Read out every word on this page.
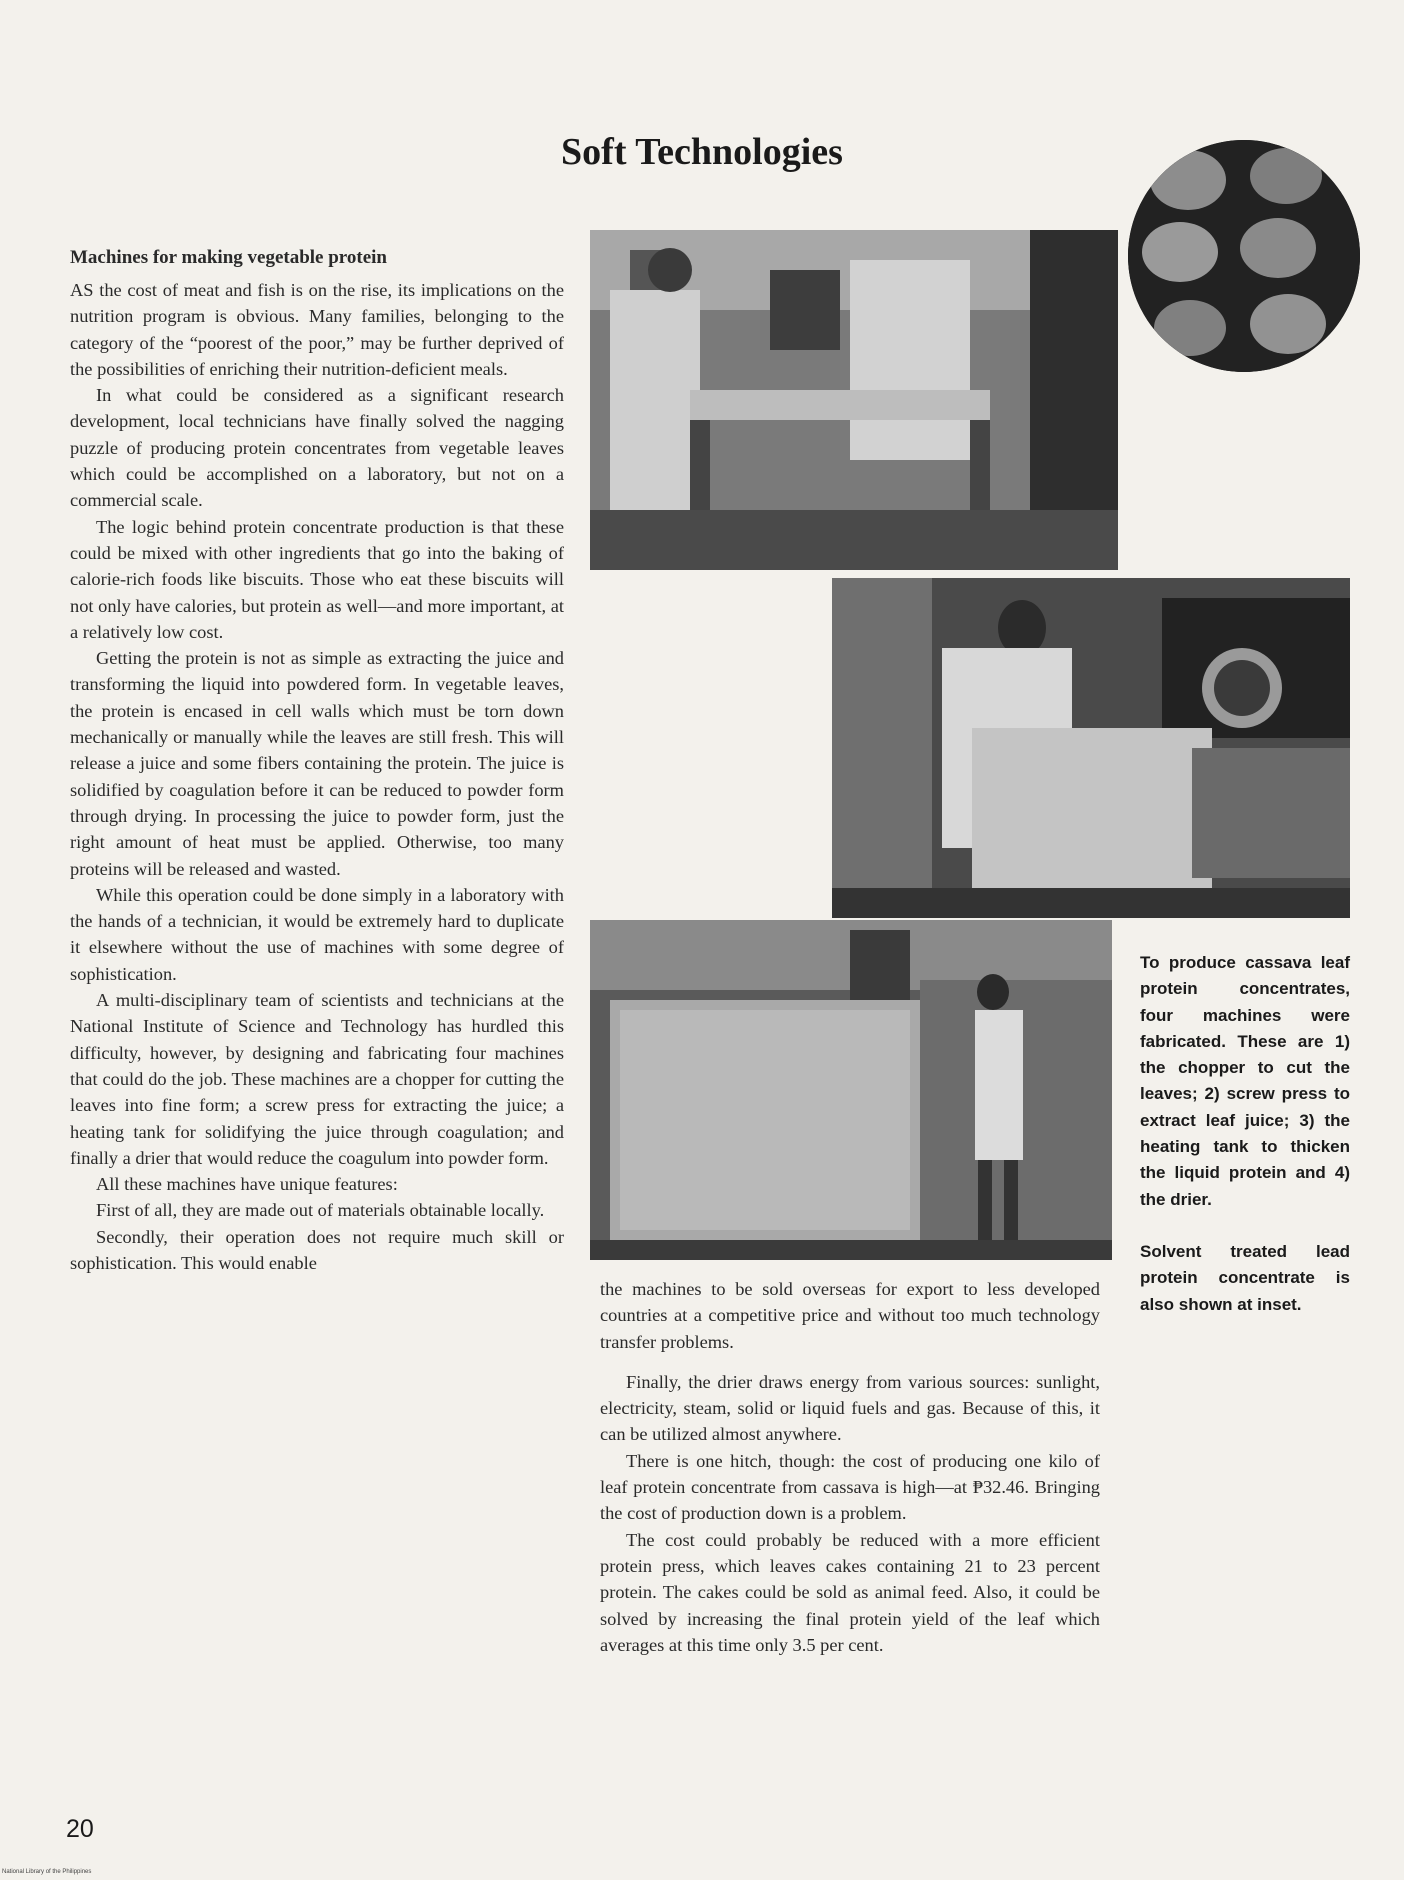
Soft Technologies
Machines for making vegetable protein

AS the cost of meat and fish is on the rise, its implications on the nutrition program is obvious. Many families, belonging to the category of the “poorest of the poor,” may be further deprived of the possibilities of enriching their nutrition-deficient meals.

In what could be considered as a significant research development, local technicians have finally solved the nagging puzzle of producing protein concentrates from vegetable leaves which could be accomplished on a laboratory, but not on a commercial scale.

The logic behind protein concentrate production is that these could be mixed with other ingredients that go into the baking of calorie-rich foods like biscuits. Those who eat these biscuits will not only have calories, but protein as well—and more important, at a relatively low cost.

Getting the protein is not as simple as extracting the juice and transforming the liquid into powdered form. In vegetable leaves, the protein is encased in cell walls which must be torn down mechanically or manually while the leaves are still fresh. This will release a juice and some fibers containing the protein. The juice is solidified by coagulation before it can be reduced to powder form through drying. In processing the juice to powder form, just the right amount of heat must be applied. Otherwise, too many proteins will be released and wasted.

While this operation could be done simply in a laboratory with the hands of a technician, it would be extremely hard to duplicate it elsewhere without the use of machines with some degree of sophistication.

A multi-disciplinary team of scientists and technicians at the National Institute of Science and Technology has hurdled this difficulty, however, by designing and fabricating four machines that could do the job. These machines are a chopper for cutting the leaves into fine form; a screw press for extracting the juice; a heating tank for solidifying the juice through coagulation; and finally a drier that would reduce the coagulum into powder form.

All these machines have unique features:

First of all, they are made out of materials obtainable locally.

Secondly, their operation does not require much skill or sophistication. This would enable

the machines to be sold overseas for export to less developed countries at a competitive price and without too much technology transfer problems.

Finally, the drier draws energy from various sources: sunlight, electricity, steam, solid or liquid fuels and gas. Because of this, it can be utilized almost anywhere.

There is one hitch, though: the cost of producing one kilo of leaf protein concentrate from cassava is high—at ₱32.46. Bringing the cost of production down is a problem.

The cost could probably be reduced with a more efficient protein press, which leaves cakes containing 21 to 23 percent protein. The cakes could be sold as animal feed. Also, it could be solved by increasing the final protein yield of the leaf which averages at this time only 3.5 per cent.

To produce cassava leaf protein concentrates, four machines were fabricated. These are 1) the chopper to cut the leaves; 2) screw press to extract leaf juice; 3) the heating tank to thicken the liquid protein and 4) the drier.

Solvent treated lead protein concentrate is also shown at inset.

20
National Library of the Philippines
